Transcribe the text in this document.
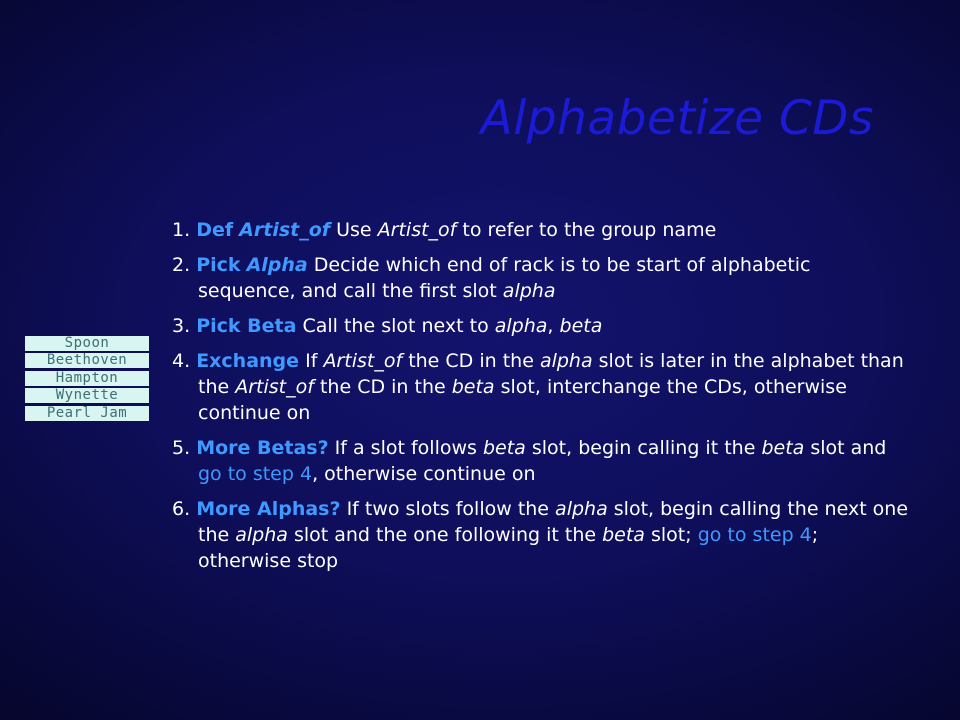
Alphabetize CDs
Spoon
Beethoven
Hampton
Wynette
Pearl Jam
1. Def Artist_of Use Artist_of to refer to the group name
2. Pick Alpha Decide which end of rack is to be start of alphabetic sequence, and call the first slot alpha
3. Pick Beta Call the slot next to alpha, beta
4. Exchange If Artist_of the CD in the alpha slot is later in the alphabet than the Artist_of the CD in the beta slot, interchange the CDs, otherwise continue on
5. More Betas? If a slot follows beta slot, begin calling it the beta slot and go to step 4, otherwise continue on
6. More Alphas? If two slots follow the alpha slot, begin calling the next one the alpha slot and the one following it the beta slot; go to step 4; otherwise stop
